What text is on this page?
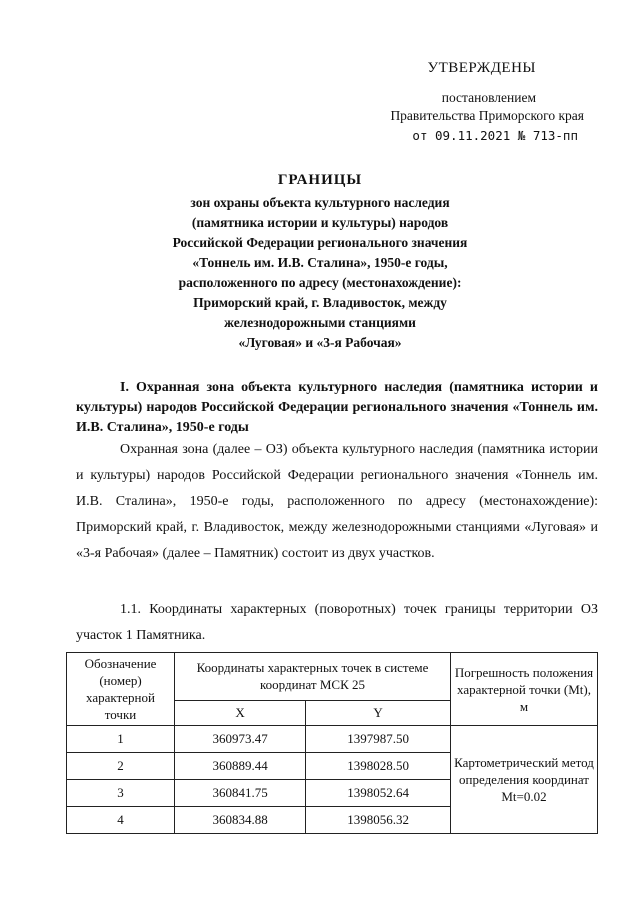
УТВЕРЖДЕНЫ
постановлением
Правительства Приморского края
от 09.11.2021 № 713-пп
ГРАНИЦЫ
зон охраны объекта культурного наследия
(памятника истории и культуры) народов
Российской Федерации регионального значения
«Тоннель им. И.В. Сталина», 1950-е годы,
расположенного по адресу (местонахождение):
Приморский край, г. Владивосток, между
железнодорожными станциями
«Луговая» и «3-я Рабочая»
I. Охранная зона объекта культурного наследия (памятника истории и культуры) народов Российской Федерации регионального значения «Тоннель им. И.В. Сталина», 1950-е годы
Охранная зона (далее – ОЗ) объекта культурного наследия (памятника истории и культуры) народов Российской Федерации регионального значения «Тоннель им. И.В. Сталина», 1950-е годы, расположенного по адресу (местонахождение): Приморский край, г. Владивосток, между железнодорожными станциями «Луговая» и «3-я Рабочая» (далее – Памятник) состоит из двух участков.
1.1. Координаты характерных (поворотных) точек границы территории ОЗ участок 1 Памятника.
Обозначение (номер) характерной точки	Координаты характерных точек в системе координат МСК 25		Погрешность положения характерной точки (Mt), м
	X	Y	
1	360973.47	1397987.50	Картометрический метод определения координат Mt=0.02
2	360889.44	1398028.50	
3	360841.75	1398052.64	
4	360834.88	1398056.32	
